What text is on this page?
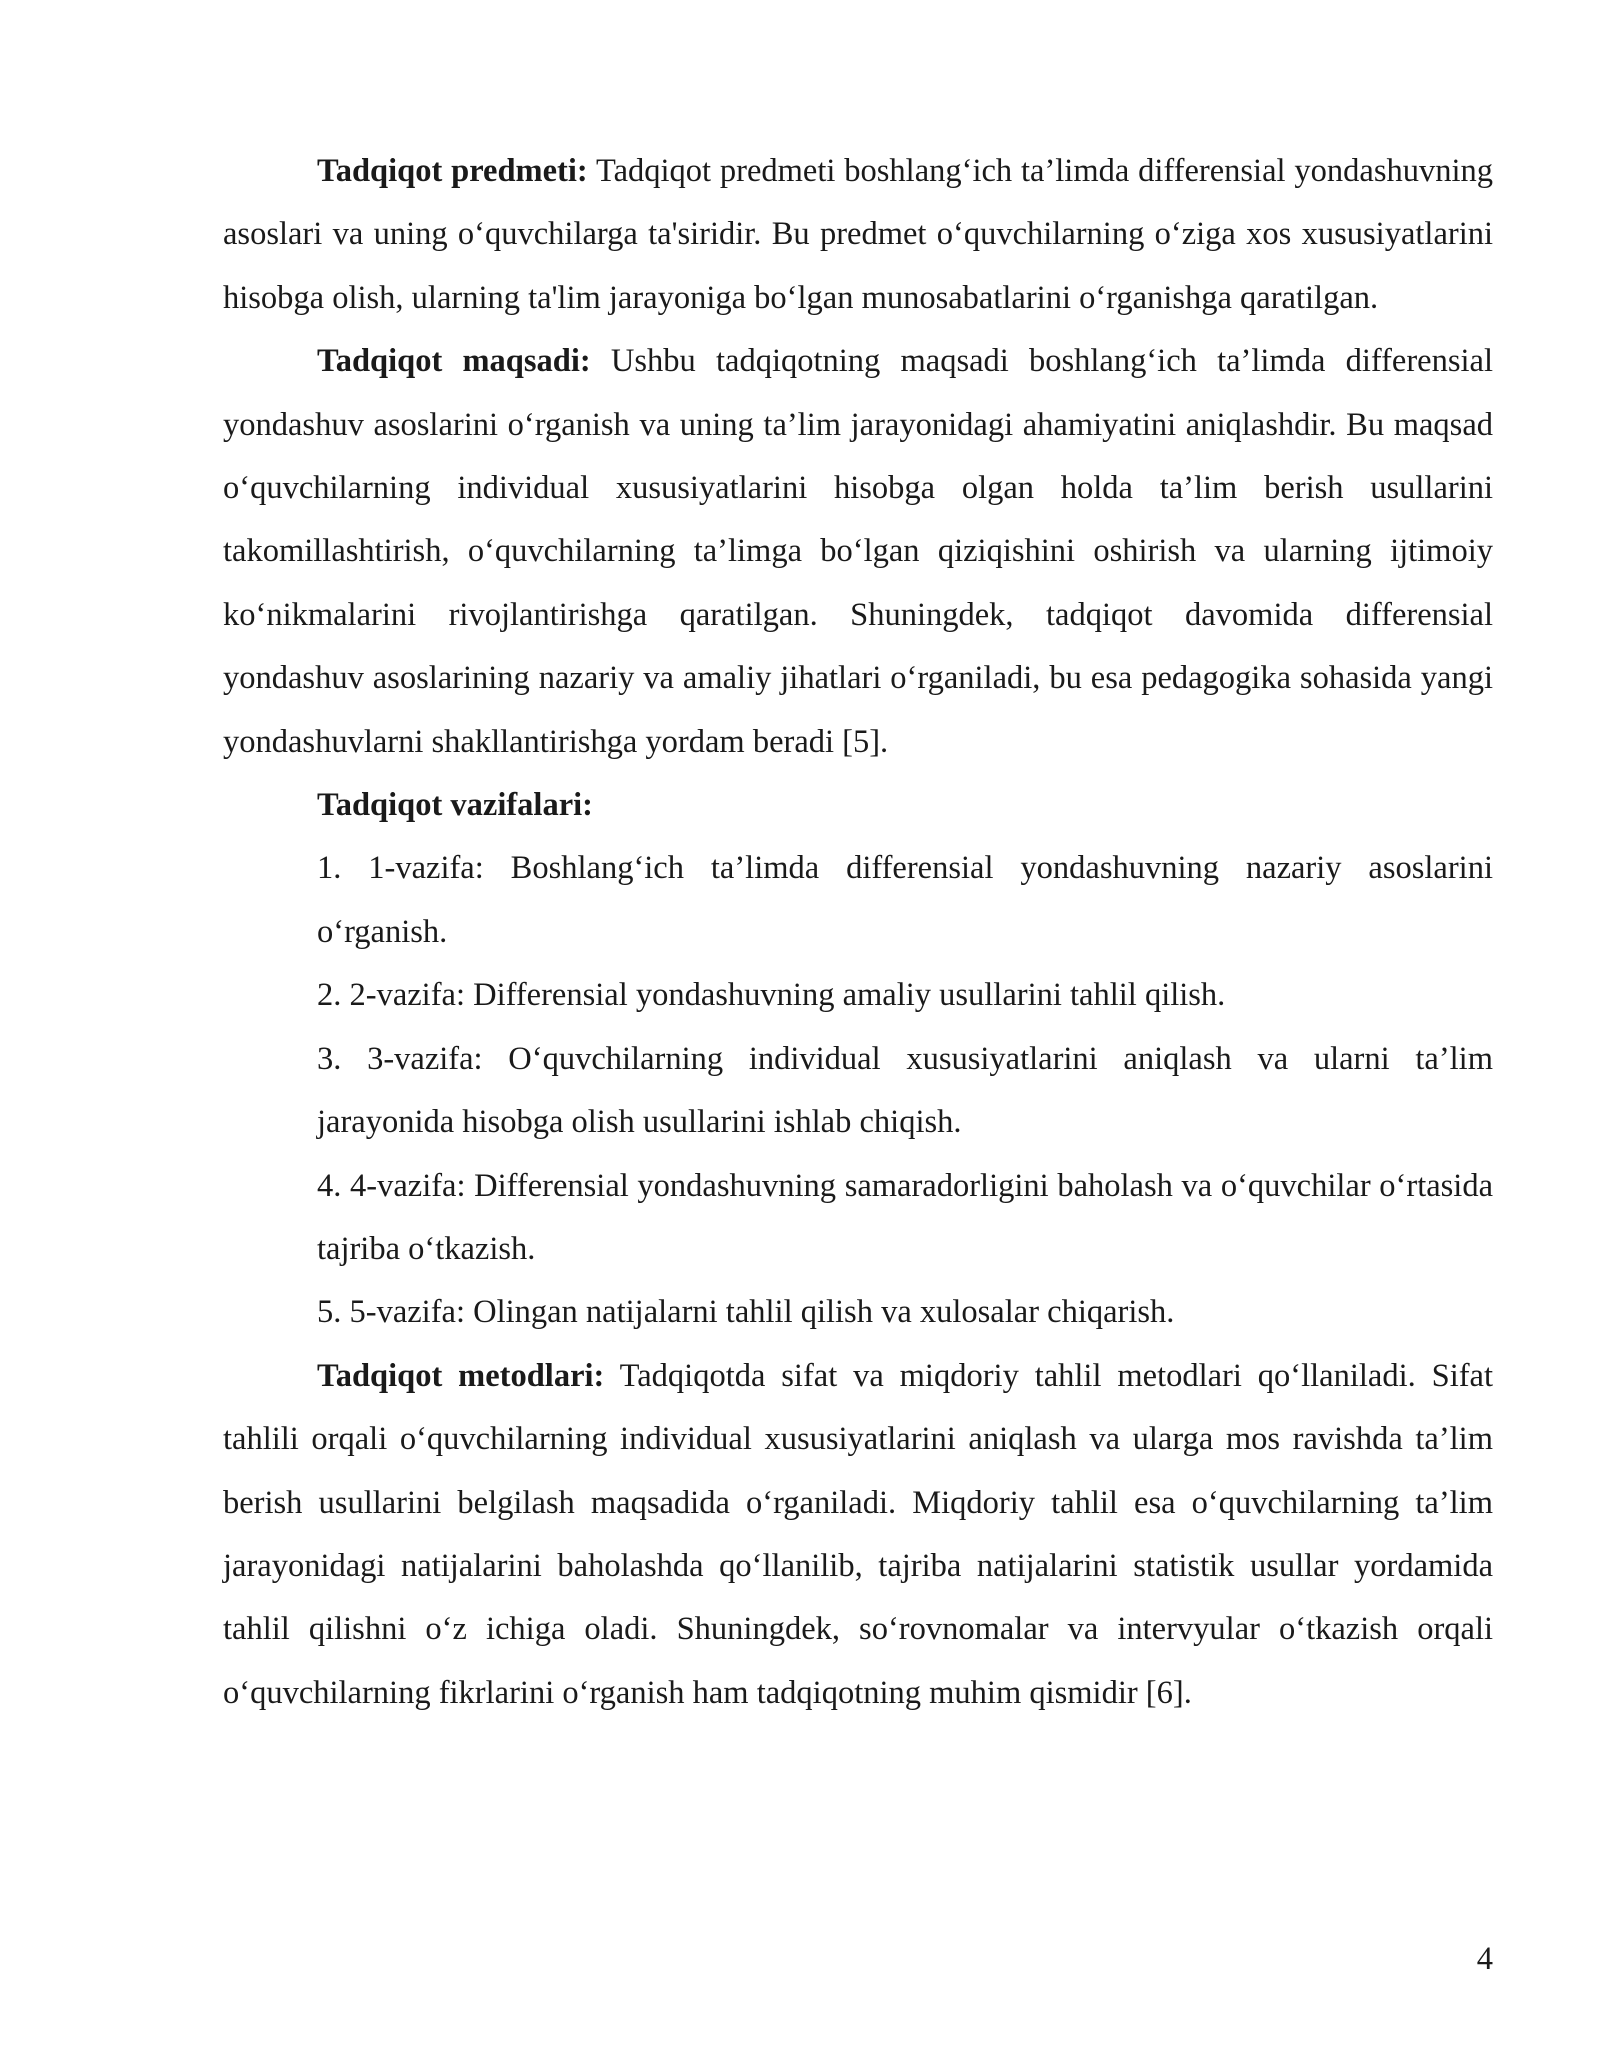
Tadqiqot predmeti: Tadqiqot predmeti boshlang‘ich ta’limda differensial yondashuvning asoslari va uning o‘quvchilarga ta'siridir. Bu predmet o‘quvchilarning o‘ziga xos xususiyatlarini hisobga olish, ularning ta'lim jarayoniga bo‘lgan munosabatlarini o‘rganishga qaratilgan.

Tadqiqot maqsadi: Ushbu tadqiqotning maqsadi boshlang‘ich ta’limda differensial yondashuv asoslarini o‘rganish va uning ta’lim jarayonidagi ahamiyatini aniqlashdir. Bu maqsad o‘quvchilarning individual xususiyatlarini hisobga olgan holda ta’lim berish usullarini takomillashtirish, o‘quvchilarning ta’limga bo‘lgan qiziqishini oshirish va ularning ijtimoiy ko‘nikmalarini rivojlantirishga qaratilgan. Shuningdek, tadqiqot davomida differensial yondashuv asoslarining nazariy va amaliy jihatlari o‘rganiladi, bu esa pedagogika sohasida yangi yondashuvlarni shakllantirishga yordam beradi [5].

Tadqiqot vazifalari:

1. 1-vazifa: Boshlang‘ich ta’limda differensial yondashuvning nazariy asoslarini o‘rganish.

2. 2-vazifa: Differensial yondashuvning amaliy usullarini tahlil qilish.

3. 3-vazifa: O‘quvchilarning individual xususiyatlarini aniqlash va ularni ta’lim jarayonida hisobga olish usullarini ishlab chiqish.

4. 4-vazifa: Differensial yondashuvning samaradorligini baholash va o‘quvchilar o‘rtasida tajriba o‘tkazish.

5. 5-vazifa: Olingan natijalarni tahlil qilish va xulosalar chiqarish.

Tadqiqot metodlari: Tadqiqotda sifat va miqdoriy tahlil metodlari qo‘llaniladi. Sifat tahlili orqali o‘quvchilarning individual xususiyatlarini aniqlash va ularga mos ravishda ta’lim berish usullarini belgilash maqsadida o‘rganiladi. Miqdoriy tahlil esa o‘quvchilarning ta’lim jarayonidagi natijalarini baholashda qo‘llanilib, tajriba natijalarini statistik usullar yordamida tahlil qilishni o‘z ichiga oladi. Shuningdek, so‘rovnomalar va intervyular o‘tkazish orqali o‘quvchilarning fikrlarini o‘rganish ham tadqiqotning muhim qismidir [6].

4
